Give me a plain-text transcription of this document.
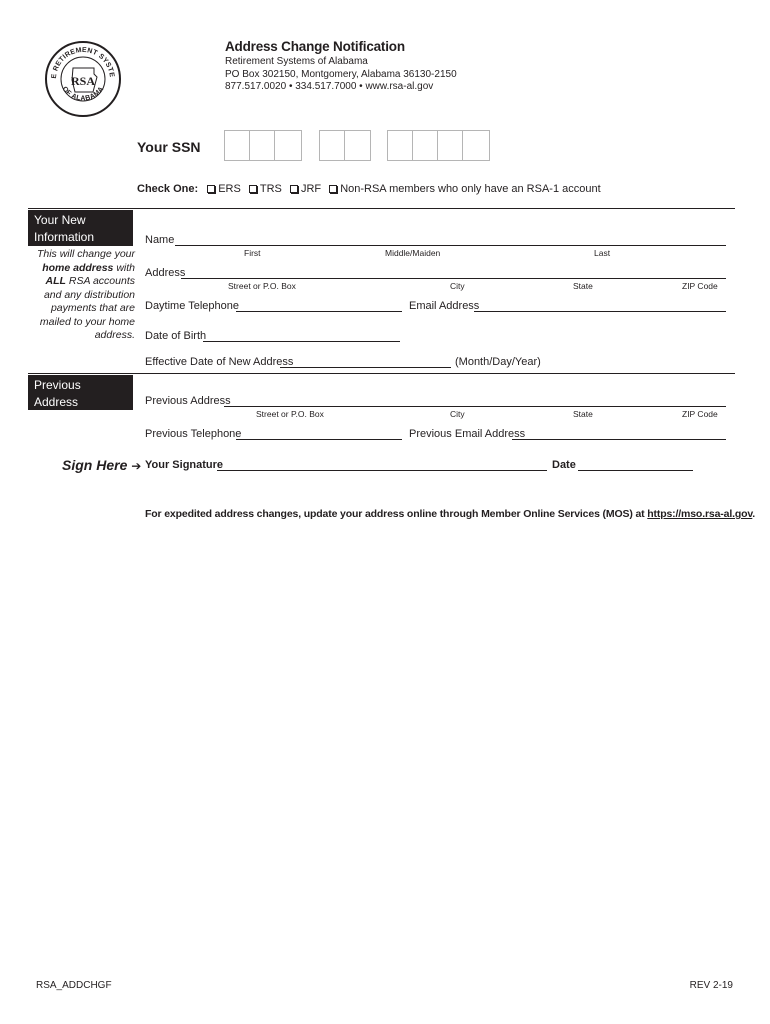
E RETIREMENT SYSTE
OF ALABAMA
RSA
Address Change Notification
Retirement Systems of Alabama
PO Box 302150, Montgomery, Alabama 36130-2150
877.517.0020 • 334.517.7000 • www.rsa-al.gov
Your SSN
Check One: ERS TRS JRF Non-RSA members who only have an RSA-1 account
Your New
Information
This will change your
home address with
ALL RSA accounts
and any distribution
payments that are
mailed to your home
address.
Name
First	Middle/Maiden	Last
Address
Street or P.O. Box	City	State	ZIP Code
Daytime Telephone	Email Address
Date of Birth
Effective Date of New Address	(Month/Day/Year)
Previous Address
Information
Previous Address
Street or P.O. Box	City	State	ZIP Code
Previous Telephone	Previous Email Address
Sign Here ➔ Your Signature	Date
For expedited address changes, update your address online through Member Online Services (MOS) at https://mso.rsa-al.gov.
RSA_ADDCHGF	REV 2-19
